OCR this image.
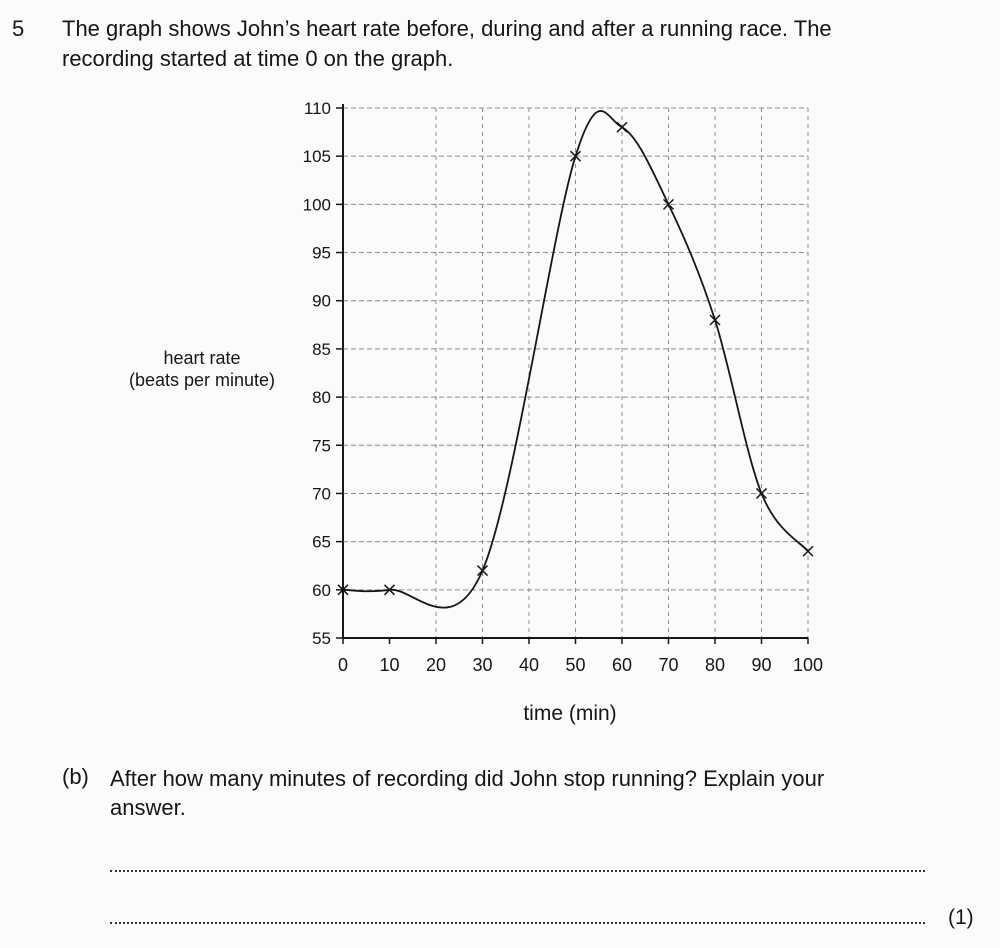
5 The graph shows John’s heart rate before, during and after a running race. The
recording started at time 0 on the graph.
heart rate
(beats per minute)
55
60
65
70
75
80
85
90
95
100
105
110
0 10 20 30 40 50 60 70 80 90 100
time (min)
(b) After how many minutes of recording did John stop running? Explain your
answer.
(1)
